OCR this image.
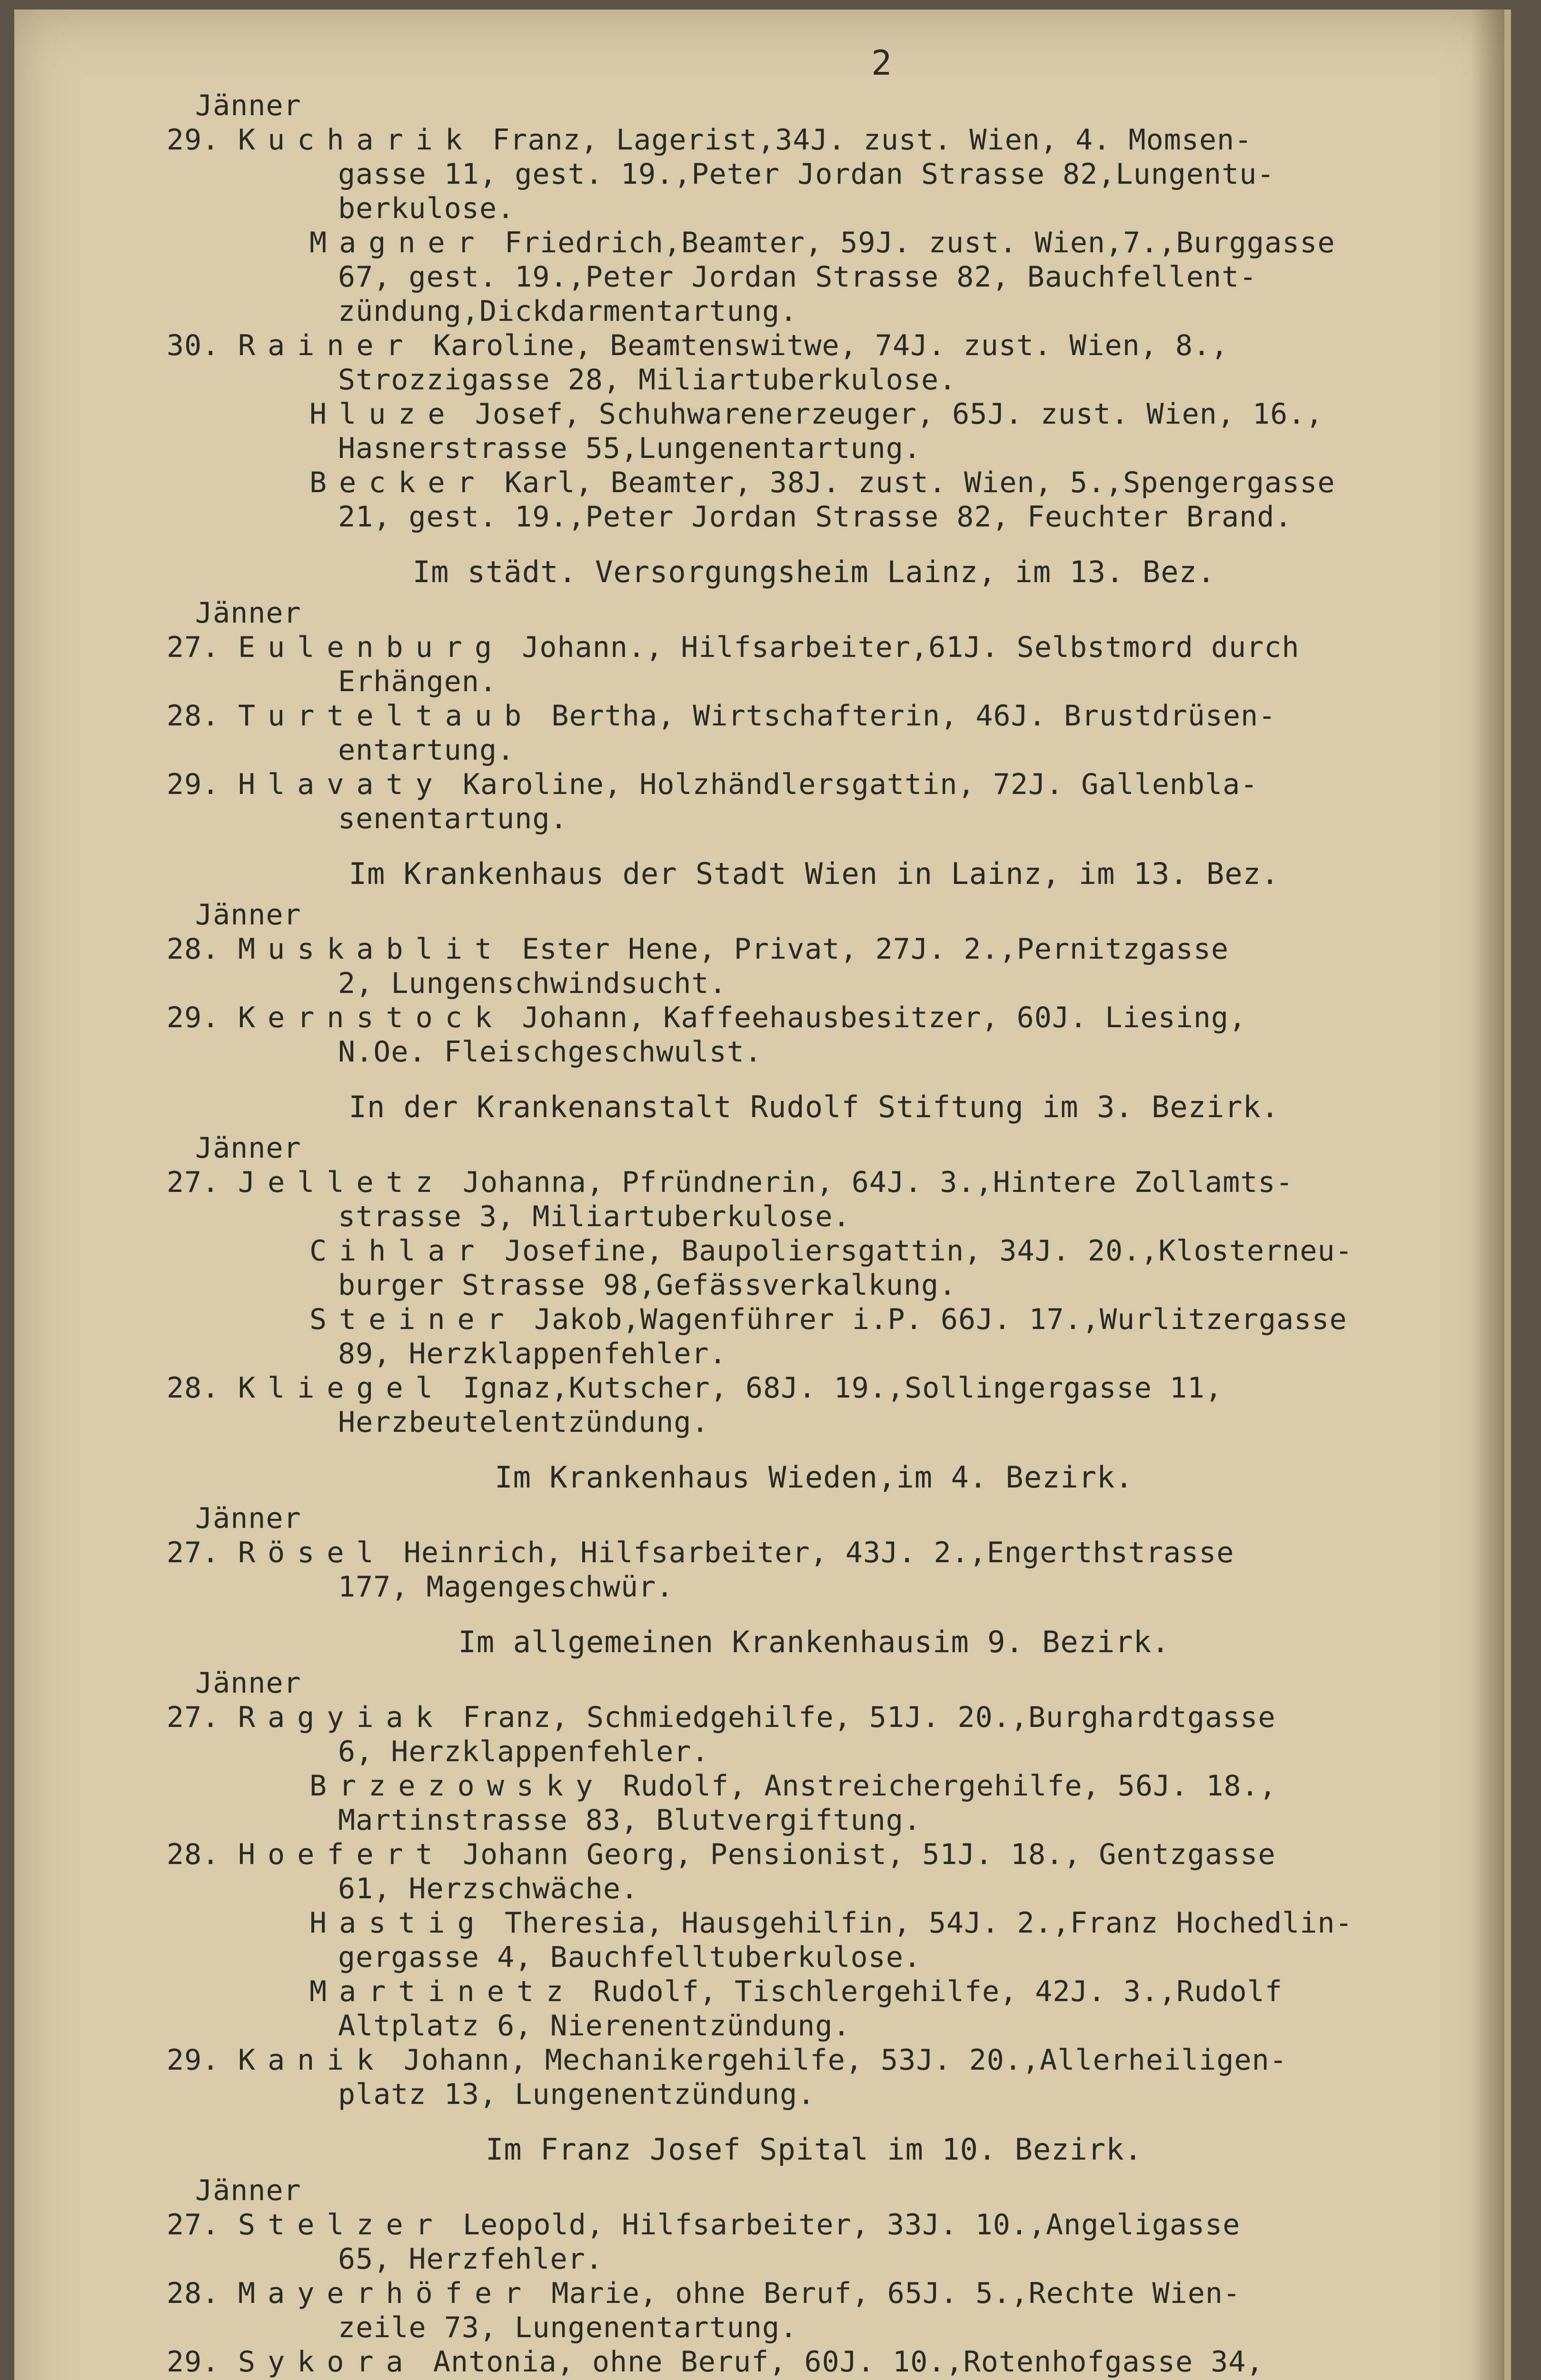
2
Jänner
29. Kucharik Franz, Lagerist,34J. zust. Wien, 4. Momsen-
gasse 11, gest. 19.,Peter Jordan Strasse 82,Lungentu-
berkulose.
Magner Friedrich,Beamter, 59J. zust. Wien,7.,Burggasse
67, gest. 19.,Peter Jordan Strasse 82, Bauchfellent-
zündung,Dickdarmentartung.
30. Rainer Karoline, Beamtenswitwe, 74J. zust. Wien, 8.,
Strozzigasse 28, Miliartuberkulose.
Hluze Josef, Schuhwarenerzeuger, 65J. zust. Wien, 16.,
Hasnerstrasse 55,Lungenentartung.
Becker Karl, Beamter, 38J. zust. Wien, 5.,Spengergasse
21, gest. 19.,Peter Jordan Strasse 82, Feuchter Brand.
Im städt. Versorgungsheim Lainz, im 13. Bez.
Jänner
27. Eulenburg Johann., Hilfsarbeiter,61J. Selbstmord durch
Erhängen.
28. Turteltaub Bertha, Wirtschafterin, 46J. Brustdrüsen-
entartung.
29. Hlavaty Karoline, Holzhändlersgattin, 72J. Gallenbla-
senentartung.
Im Krankenhaus der Stadt Wien in Lainz, im 13. Bez.
Jänner
28. Muskablit Ester Hene, Privat, 27J. 2.,Pernitzgasse
2, Lungenschwindsucht.
29. Kernstock Johann, Kaffeehausbesitzer, 60J. Liesing,
N.Oe. Fleischgeschwulst.
In der Krankenanstalt Rudolf Stiftung im 3. Bezirk.
Jänner
27. Jelletz Johanna, Pfründnerin, 64J. 3.,Hintere Zollamts-
strasse 3, Miliartuberkulose.
Cihlar Josefine, Baupoliersgattin, 34J. 20.,Klosterneu-
burger Strasse 98,Gefässverkalkung.
Steiner Jakob,Wagenführer i.P. 66J. 17.,Wurlitzergasse
89, Herzklappenfehler.
28. Kliegel Ignaz,Kutscher, 68J. 19.,Sollingergasse 11,
Herzbeutelentzündung.
Im Krankenhaus Wieden,im 4. Bezirk.
Jänner
27. Rösel Heinrich, Hilfsarbeiter, 43J. 2.,Engerthstrasse
177, Magengeschwür.
Im allgemeinen Krankenhausim 9. Bezirk.
Jänner
27. Ragyiak Franz, Schmiedgehilfe, 51J. 20.,Burghardtgasse
6, Herzklappenfehler.
Brzezowsky Rudolf, Anstreichergehilfe, 56J. 18.,
Martinstrasse 83, Blutvergiftung.
28. Hoefert Johann Georg, Pensionist, 51J. 18., Gentzgasse
61, Herzschwäche.
Hastig Theresia, Hausgehilfin, 54J. 2.,Franz Hochedlin-
gergasse 4, Bauchfelltuberkulose.
Martinetz Rudolf, Tischlergehilfe, 42J. 3.,Rudolf
Altplatz 6, Nierenentzündung.
29. Kanik Johann, Mechanikergehilfe, 53J. 20.,Allerheiligen-
platz 13, Lungenentzündung.
Im Franz Josef Spital im 10. Bezirk.
Jänner
27. Stelzer Leopold, Hilfsarbeiter, 33J. 10.,Angeligasse
65, Herzfehler.
28. Mayerhöfer Marie, ohne Beruf, 65J. 5.,Rechte Wien-
zeile 73, Lungenentartung.
29. Sykora Antonia, ohne Beruf, 60J. 10.,Rotenhofgasse 34,
